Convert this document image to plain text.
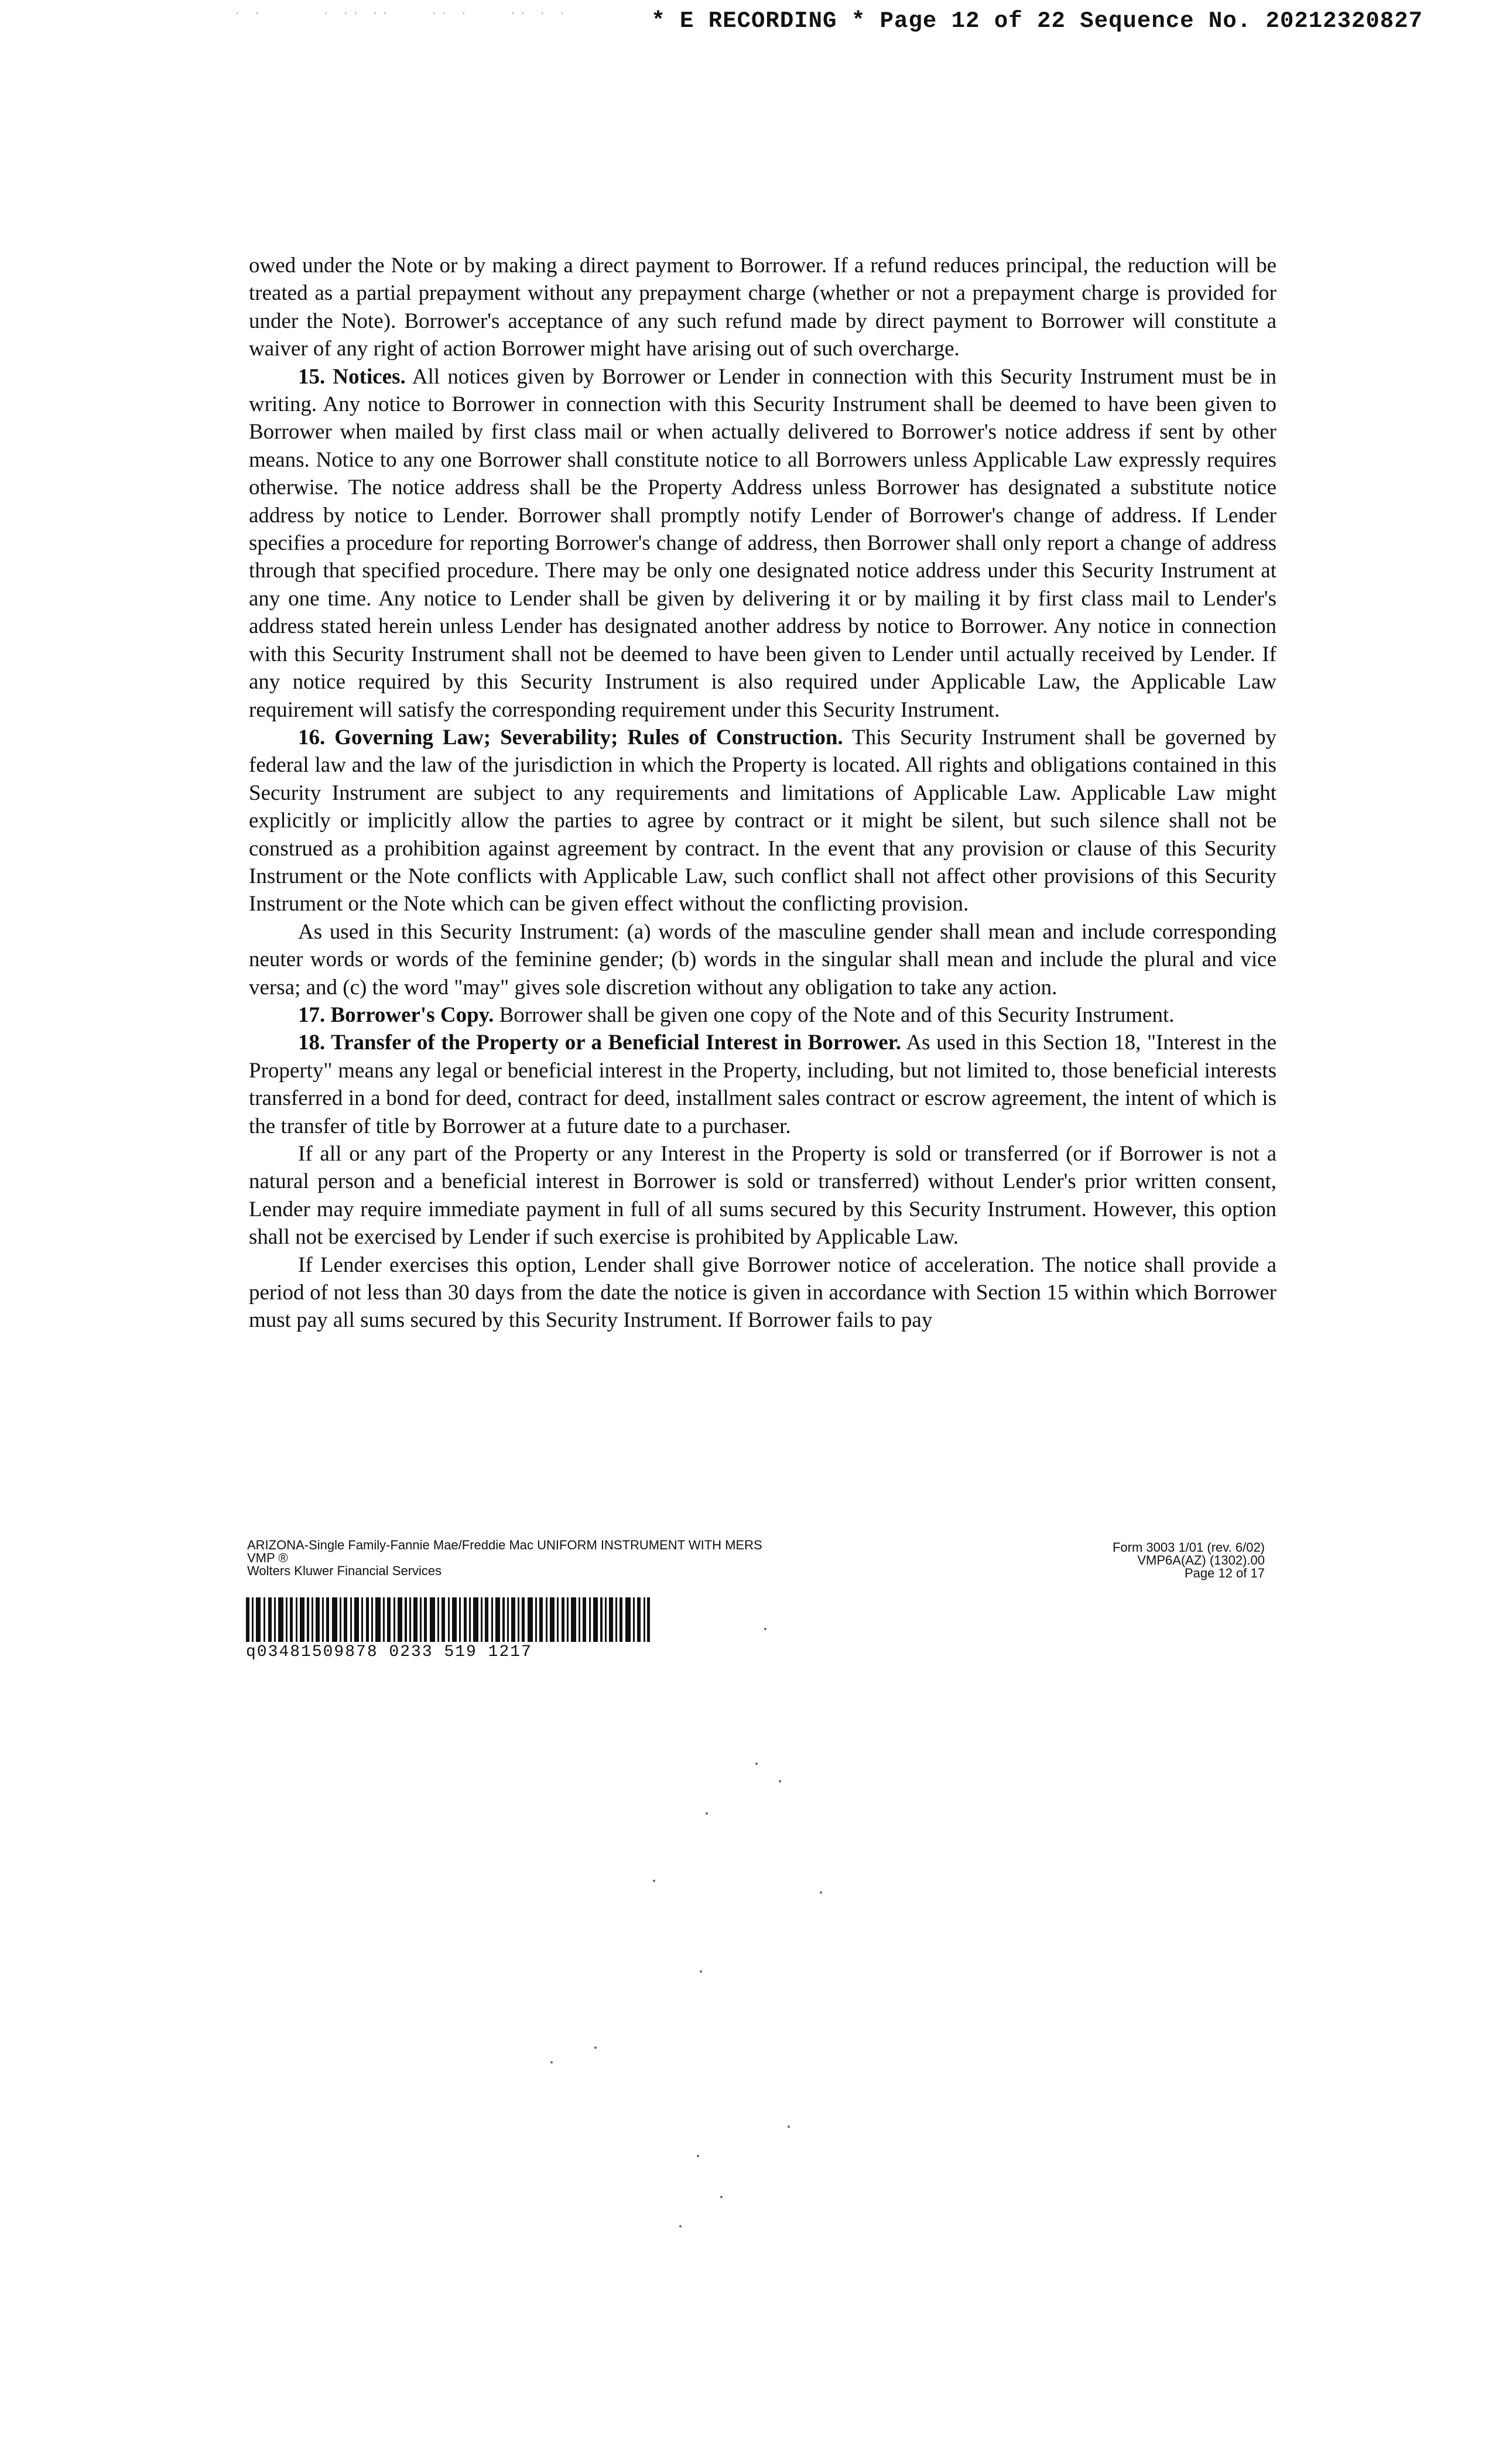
. .      . .. ..    .. .    .. . .	* E RECORDING * Page 12 of 22 Sequence No. 20212320827

owed under the Note or by making a direct payment to Borrower. If a refund reduces principal, the reduction will be treated as a partial prepayment without any prepayment charge (whether or not a prepayment charge is provided for under the Note). Borrower's acceptance of any such refund made by direct payment to Borrower will constitute a waiver of any right of action Borrower might have arising out of such overcharge.

15. Notices. All notices given by Borrower or Lender in connection with this Security Instrument must be in writing. Any notice to Borrower in connection with this Security Instrument shall be deemed to have been given to Borrower when mailed by first class mail or when actually delivered to Borrower's notice address if sent by other means. Notice to any one Borrower shall constitute notice to all Borrowers unless Applicable Law expressly requires otherwise. The notice address shall be the Property Address unless Borrower has designated a substitute notice address by notice to Lender. Borrower shall promptly notify Lender of Borrower's change of address. If Lender specifies a procedure for reporting Borrower's change of address, then Borrower shall only report a change of address through that specified procedure. There may be only one designated notice address under this Security Instrument at any one time. Any notice to Lender shall be given by delivering it or by mailing it by first class mail to Lender's address stated herein unless Lender has designated another address by notice to Borrower. Any notice in connection with this Security Instrument shall not be deemed to have been given to Lender until actually received by Lender. If any notice required by this Security Instrument is also required under Applicable Law, the Applicable Law requirement will satisfy the corresponding requirement under this Security Instrument.

16. Governing Law; Severability; Rules of Construction. This Security Instrument shall be governed by federal law and the law of the jurisdiction in which the Property is located. All rights and obligations contained in this Security Instrument are subject to any requirements and limitations of Applicable Law. Applicable Law might explicitly or implicitly allow the parties to agree by contract or it might be silent, but such silence shall not be construed as a prohibition against agreement by contract. In the event that any provision or clause of this Security Instrument or the Note conflicts with Applicable Law, such conflict shall not affect other provisions of this Security Instrument or the Note which can be given effect without the conflicting provision.

As used in this Security Instrument: (a) words of the masculine gender shall mean and include corresponding neuter words or words of the feminine gender; (b) words in the singular shall mean and include the plural and vice versa; and (c) the word "may" gives sole discretion without any obligation to take any action.

17. Borrower's Copy. Borrower shall be given one copy of the Note and of this Security Instrument.

18. Transfer of the Property or a Beneficial Interest in Borrower. As used in this Section 18, "Interest in the Property" means any legal or beneficial interest in the Property, including, but not limited to, those beneficial interests transferred in a bond for deed, contract for deed, installment sales contract or escrow agreement, the intent of which is the transfer of title by Borrower at a future date to a purchaser.

If all or any part of the Property or any Interest in the Property is sold or transferred (or if Borrower is not a natural person and a beneficial interest in Borrower is sold or transferred) without Lender's prior written consent, Lender may require immediate payment in full of all sums secured by this Security Instrument. However, this option shall not be exercised by Lender if such exercise is prohibited by Applicable Law.

If Lender exercises this option, Lender shall give Borrower notice of acceleration. The notice shall provide a period of not less than 30 days from the date the notice is given in accordance with Section 15 within which Borrower must pay all sums secured by this Security Instrument. If Borrower fails to pay

ARIZONA-Single Family-Fannie Mae/Freddie Mac UNIFORM INSTRUMENT WITH MERS
VMP ®
Wolters Kluwer Financial Services
Form 3003 1/01 (rev. 6/02)
VMP6A(AZ) (1302).00
Page 12 of 17
q03481509878 0233 519 1217
